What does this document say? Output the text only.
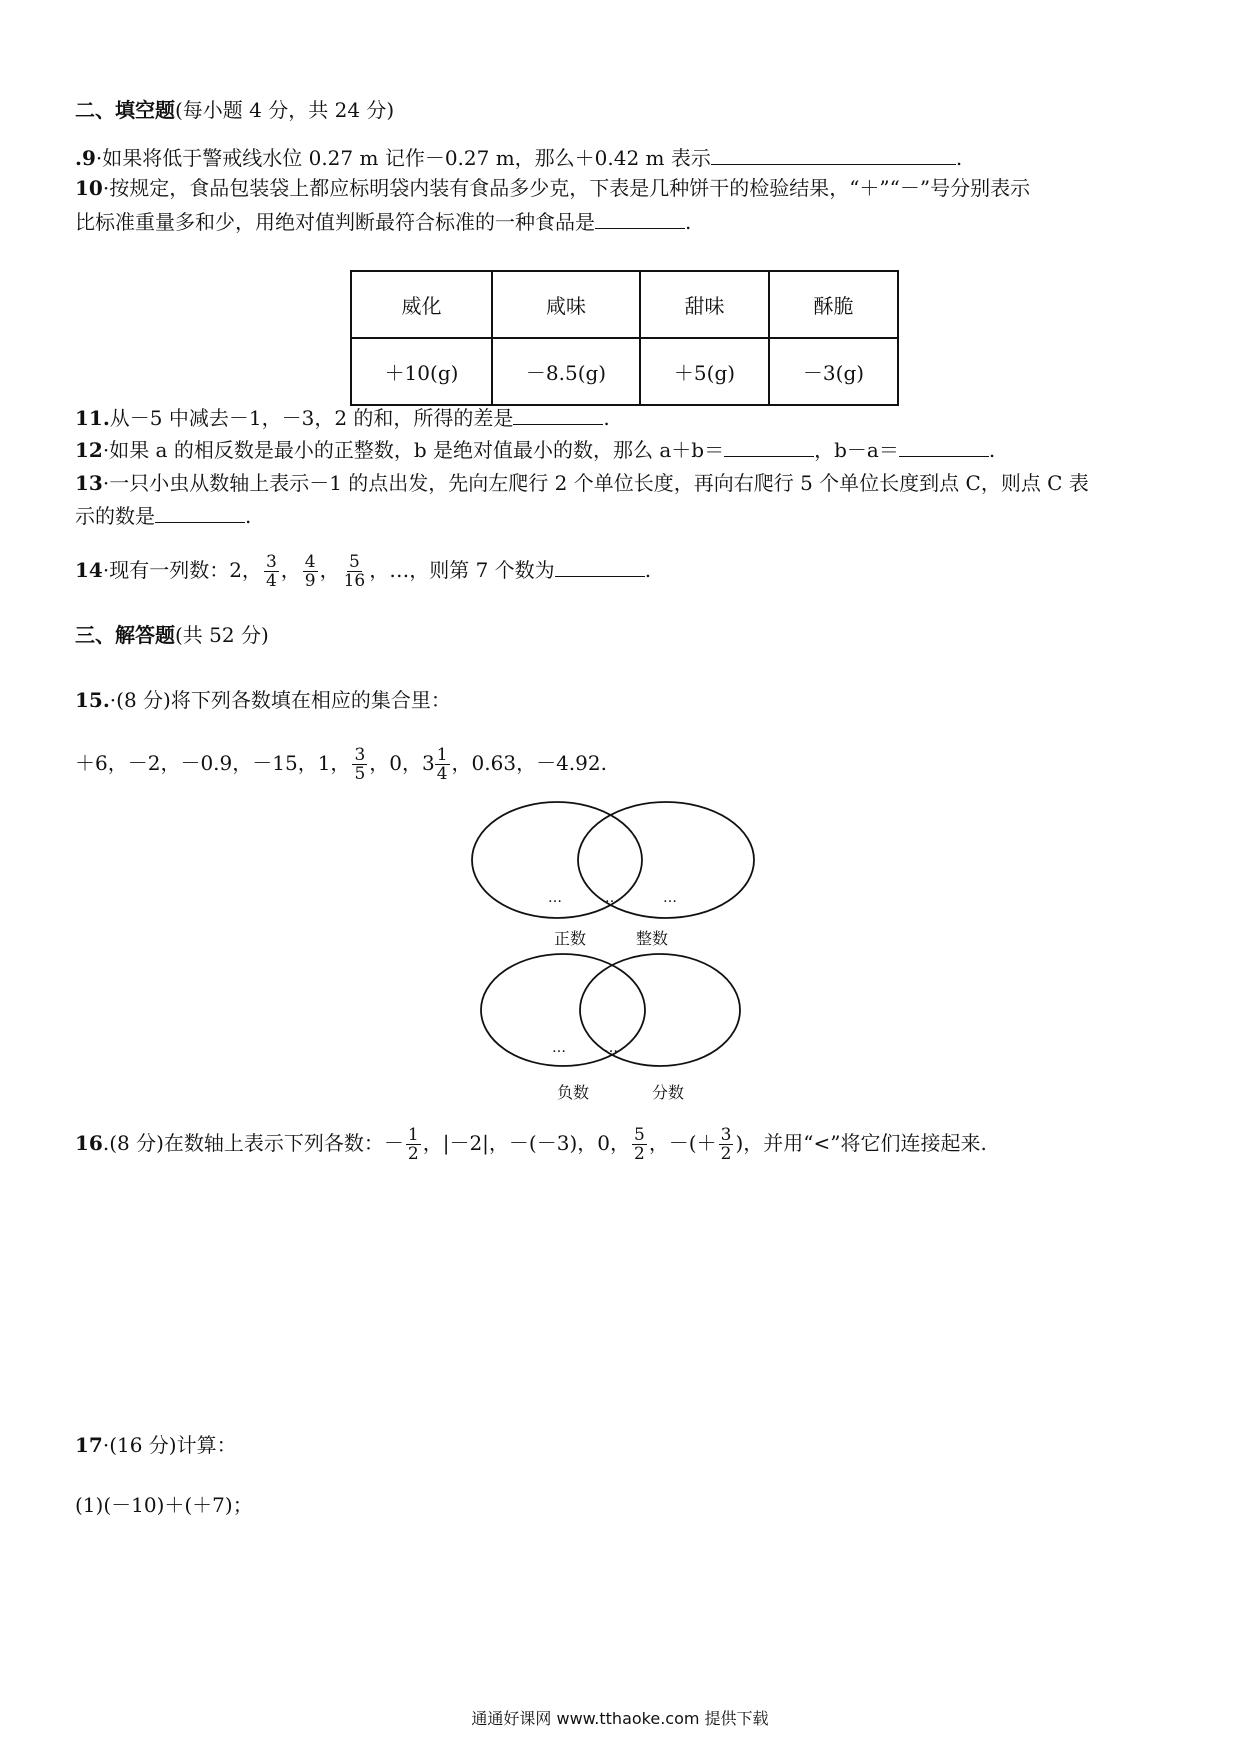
二、填空题(每小题 4 分，共 24 分)
.9·如果将低于警戒线水位 0.27 m 记作－0.27 m，那么＋0.42 m 表示	.
10·按规定，食品包装袋上都应标明袋内装有食品多少克，下表是几种饼干的检验结果，“＋”“－”号分别表示
比标准重量多和少，用绝对值判断最符合标准的一种食品是	.
威化	咸味	甜味	酥脆
＋10(g)	－8.5(g)	＋5(g)	－3(g)
11.从－5 中减去－1，－3，2 的和，所得的差是	.
12·如果 a 的相反数是最小的正整数，b 是绝对值最小的数，那么 a＋b＝	，b－a＝	.
13·一只小虫从数轴上表示－1 的点出发，先向左爬行 2 个单位长度，再向右爬行 5 个单位长度到点 C，则点 C 表
示的数是	.
14·现有一列数：2， $\frac{3}{4}$ ， $\frac{4}{9}$ ， $\frac{5}{16}$ ，…，则第 7 个数为	.
三、解答题(共 52 分)
15.·(8 分)将下列各数填在相应的集合里：
＋6，－2，－0.9，－15，1， $\frac{3}{5}$ ，0，$3 \frac{1}{4}$ ，0.63，－4.92.
…	…	…
正数	整数
…	…
负数	分数
16.(8 分)在数轴上表示下列各数：－ $\frac{1}{2}$ ，|－2|，－(－3)，0， $\frac{5}{2}$ ，－(＋ $\frac{3}{2}$ )，并用“<”将它们连接起来.
17·(16 分)计算：
(1)(－10)＋(＋7)；
通通好课网 www.tthaoke.com 提供下载
